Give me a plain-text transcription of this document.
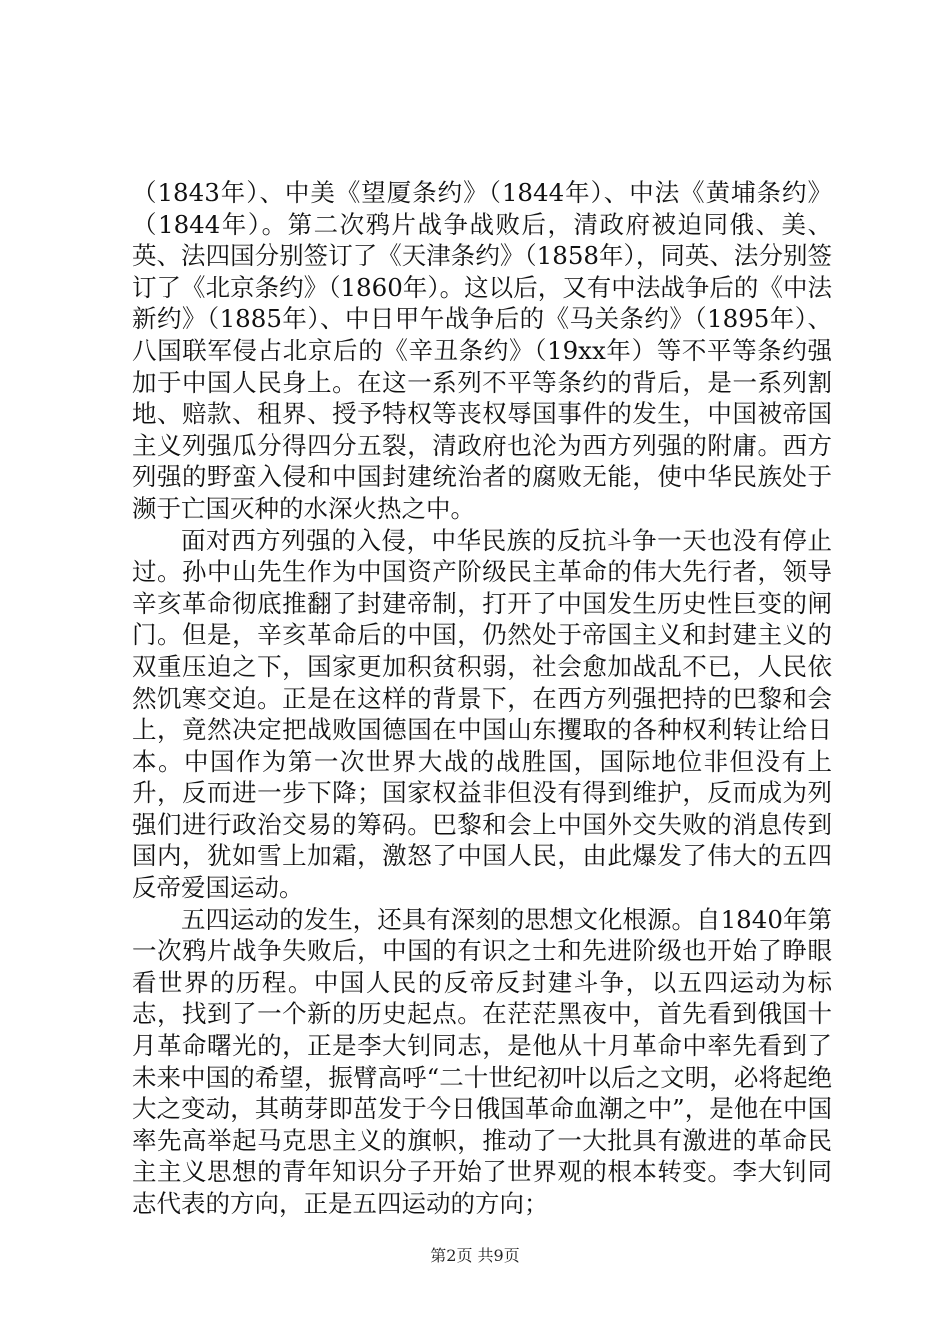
（1843年）、中美《望厦条约》（1844年）、中法《黄埔条约》（1844年）。第二次鸦片战争战败后，清政府被迫同俄、美、英、法四国分别签订了《天津条约》（1858年），同英、法分别签订了《北京条约》（1860年）。这以后，又有中法战争后的《中法新约》（1885年）、中日甲午战争后的《马关条约》（1895年）、八国联军侵占北京后的《辛丑条约》（19xx年）等不平等条约强加于中国人民身上。在这一系列不平等条约的背后，是一系列割地、赔款、租界、授予特权等丧权辱国事件的发生，中国被帝国主义列强瓜分得四分五裂，清政府也沦为西方列强的附庸。西方列强的野蛮入侵和中国封建统治者的腐败无能，使中华民族处于濒于亡国灭种的水深火热之中。

面对西方列强的入侵，中华民族的反抗斗争一天也没有停止过。孙中山先生作为中国资产阶级民主革命的伟大先行者，领导辛亥革命彻底推翻了封建帝制，打开了中国发生历史性巨变的闸门。但是，辛亥革命后的中国，仍然处于帝国主义和封建主义的双重压迫之下，国家更加积贫积弱，社会愈加战乱不已，人民依然饥寒交迫。正是在这样的背景下，在西方列强把持的巴黎和会上，竟然决定把战败国德国在中国山东攫取的各种权利转让给日本。中国作为第一次世界大战的战胜国，国际地位非但没有上升，反而进一步下降；国家权益非但没有得到维护，反而成为列强们进行政治交易的筹码。巴黎和会上中国外交失败的消息传到国内，犹如雪上加霜，激怒了中国人民，由此爆发了伟大的五四反帝爱国运动。

五四运动的发生，还具有深刻的思想文化根源。自1840年第一次鸦片战争失败后，中国的有识之士和先进阶级也开始了睁眼看世界的历程。中国人民的反帝反封建斗争，以五四运动为标志，找到了一个新的历史起点。在茫茫黑夜中，首先看到俄国十月革命曙光的，正是李大钊同志，是他从十月革命中率先看到了未来中国的希望，振臂高呼“二十世纪初叶以后之文明，必将起绝大之变动，其萌芽即茁发于今日俄国革命血潮之中”，是他在中国率先高举起马克思主义的旗帜，推动了一大批具有激进的革命民主主义思想的青年知识分子开始了世界观的根本转变。李大钊同志代表的方向，正是五四运动的方向；

第2页 共9页
